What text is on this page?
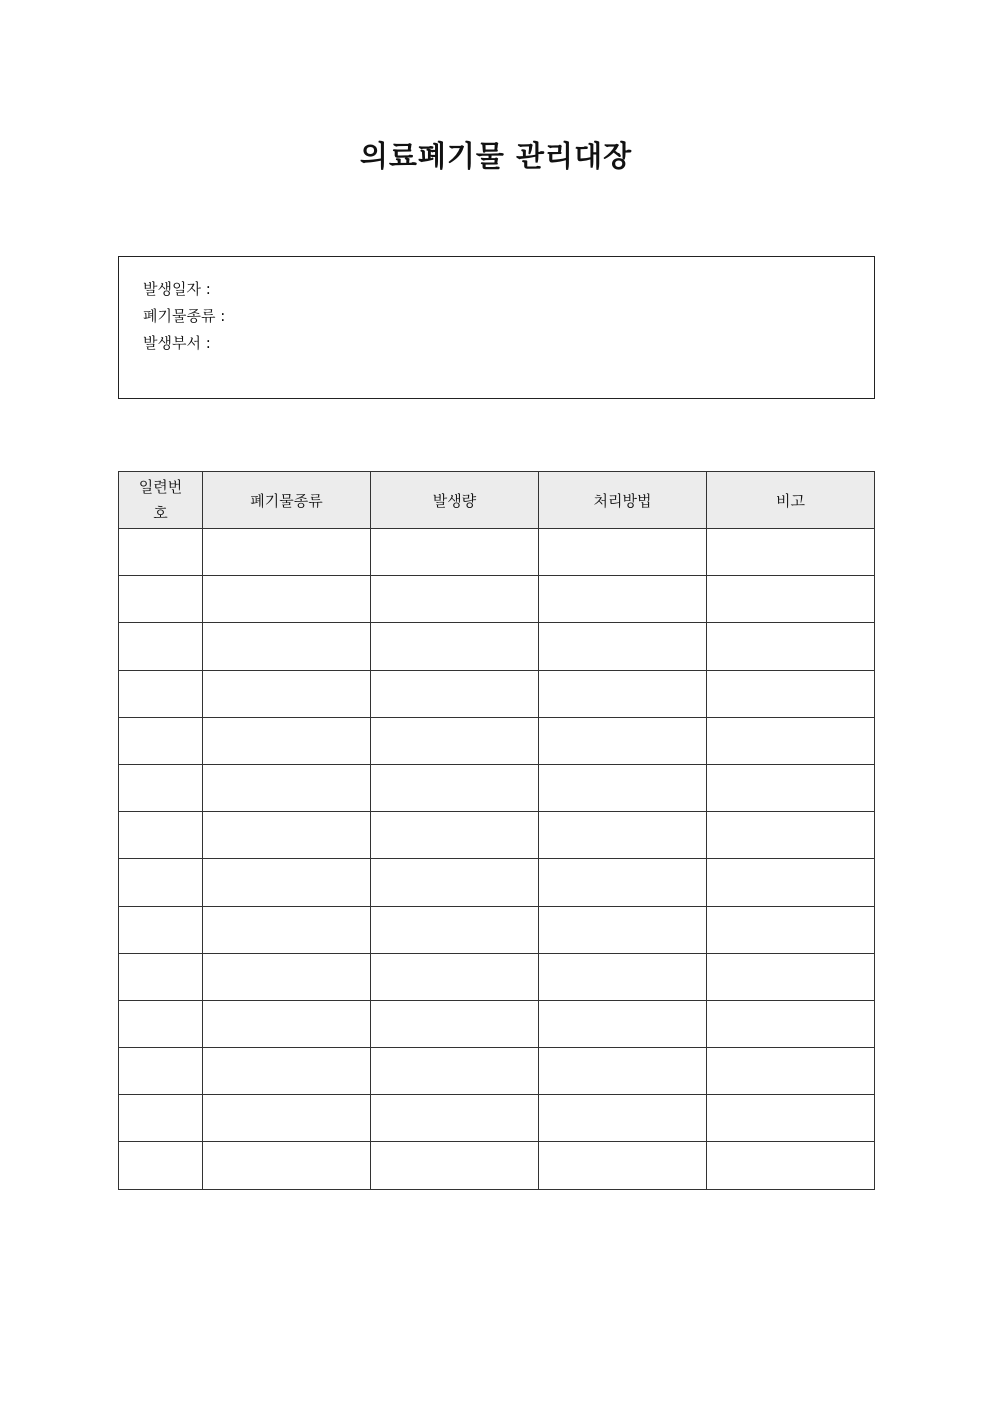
의료폐기물 관리대장
발생일자 :
폐기물종류 :
발생부서 :
일련번호	폐기물종류	발생량	처리방법	비고
